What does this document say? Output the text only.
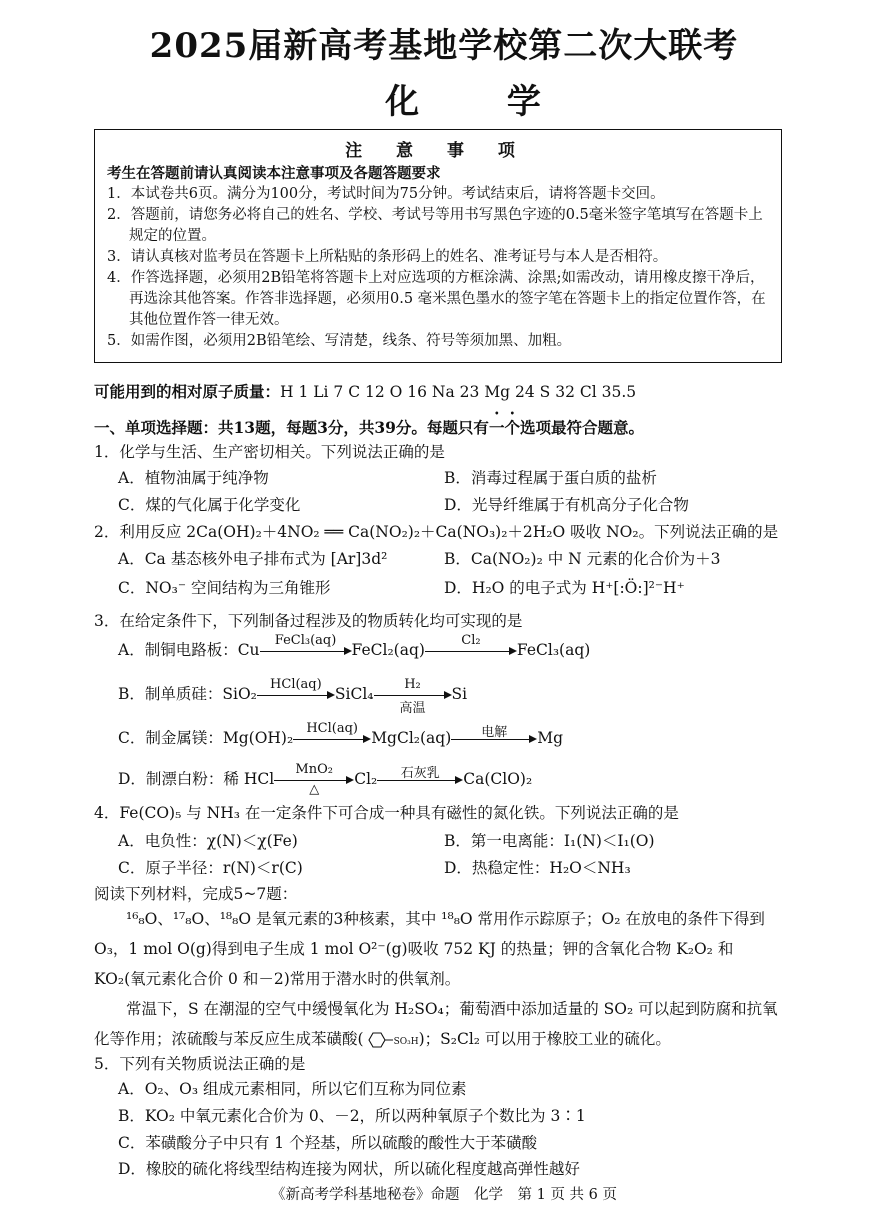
2025届新高考基地学校第二次大联考
化 学
注 意 事 项
考生在答题前请认真阅读本注意事项及各题答题要求
1．本试卷共6页。满分为100分，考试时间为75分钟。考试结束后，请将答题卡交回。
2．答题前，请您务必将自己的姓名、学校、考试号等用书写黑色字迹的0.5毫米签字笔填写在答题卡上规定的位置。
3．请认真核对监考员在答题卡上所粘贴的条形码上的姓名、准考证号与本人是否相符。
4．作答选择题，必须用2B铅笔将答题卡上对应选项的方框涂满、涂黑;如需改动，请用橡皮擦干净后，再选涂其他答案。作答非选择题，必须用0.5 毫米黑色墨水的签字笔在答题卡上的指定位置作答，在其他位置作答一律无效。
5．如需作图，必须用2B铅笔绘、写清楚，线条、符号等须加黑、加粗。
可能用到的相对原子质量：H 1 Li 7 C 12 O 16 Na 23 Mg 24 S 32 Cl 35.5
一、单项选择题：共13题，每题3分，共39分。每题只有一个选项最符合题意。
1．化学与生活、生产密切相关。下列说法正确的是
A．植物油属于纯净物	B．消毒过程属于蛋白质的盐析
C．煤的气化属于化学变化	D．光导纤维属于有机高分子化合物
2．利用反应 2Ca(OH)₂＋4NO₂ ══ Ca(NO₂)₂＋Ca(NO₃)₂＋2H₂O 吸收 NO₂。下列说法正确的是
A．Ca 基态核外电子排布式为 [Ar]3d²	B．Ca(NO₂)₂ 中 N 元素的化合价为＋3
C．NO₃⁻ 空间结构为三角锥形	D．H₂O 的电子式为 H⁺[:Ö:]²⁻H⁺
3．在给定条件下，下列制备过程涉及的物质转化均可实现的是
A．制铜电路板：Cu
FeCl₃(aq)
FeCl₂(aq)
Cl₂
FeCl₃(aq)
B．制单质硅：SiO₂
HCl(aq)
SiCl₄
H₂
高温
Si
C．制金属镁：Mg(OH)₂
HCl(aq)
MgCl₂(aq)	电解	Mg
D．制漂白粉：稀 HCl
MnO₂
△
Cl₂	石灰乳	Ca(ClO)₂
4．Fe(CO)₅ 与 NH₃ 在一定条件下可合成一种具有磁性的氮化铁。下列说法正确的是
A．电负性：χ(N)＜χ(Fe)	B．第一电离能：I₁(N)＜I₁(O)
C．原子半径：r(N)＜r(C)	D．热稳定性：H₂O＜NH₃
阅读下列材料，完成5~7题：
¹⁶₈O、¹⁷₈O、¹⁸₈O 是氧元素的3种核素，其中 ¹⁸₈O 常用作示踪原子；O₂ 在放电的条件下得到 O₃，1 mol O(g)得到电子生成 1 mol O²⁻(g)吸收 752 KJ 的热量；钾的含氧化合物 K₂O₂ 和 KO₂(氧元素化合价 0 和－2)常用于潜水时的供氧剂。
常温下，S 在潮湿的空气中缓慢氧化为 H₂SO₄；葡萄酒中添加适量的 SO₂ 可以起到防腐和抗氧化等作用；浓硫酸与苯反应生成苯磺酸(	SO₃H)；S₂Cl₂ 可以用于橡胶工业的硫化。
5．下列有关物质说法正确的是
A．O₂、O₃ 组成元素相同，所以它们互称为同位素
B．KO₂ 中氧元素化合价为 0、－2，所以两种氧原子个数比为 3∶1
C．苯磺酸分子中只有 1 个羟基，所以硫酸的酸性大于苯磺酸
D．橡胶的硫化将线型结构连接为网状，所以硫化程度越高弹性越好
《新高考学科基地秘卷》命题　化学　第 1 页 共 6 页
